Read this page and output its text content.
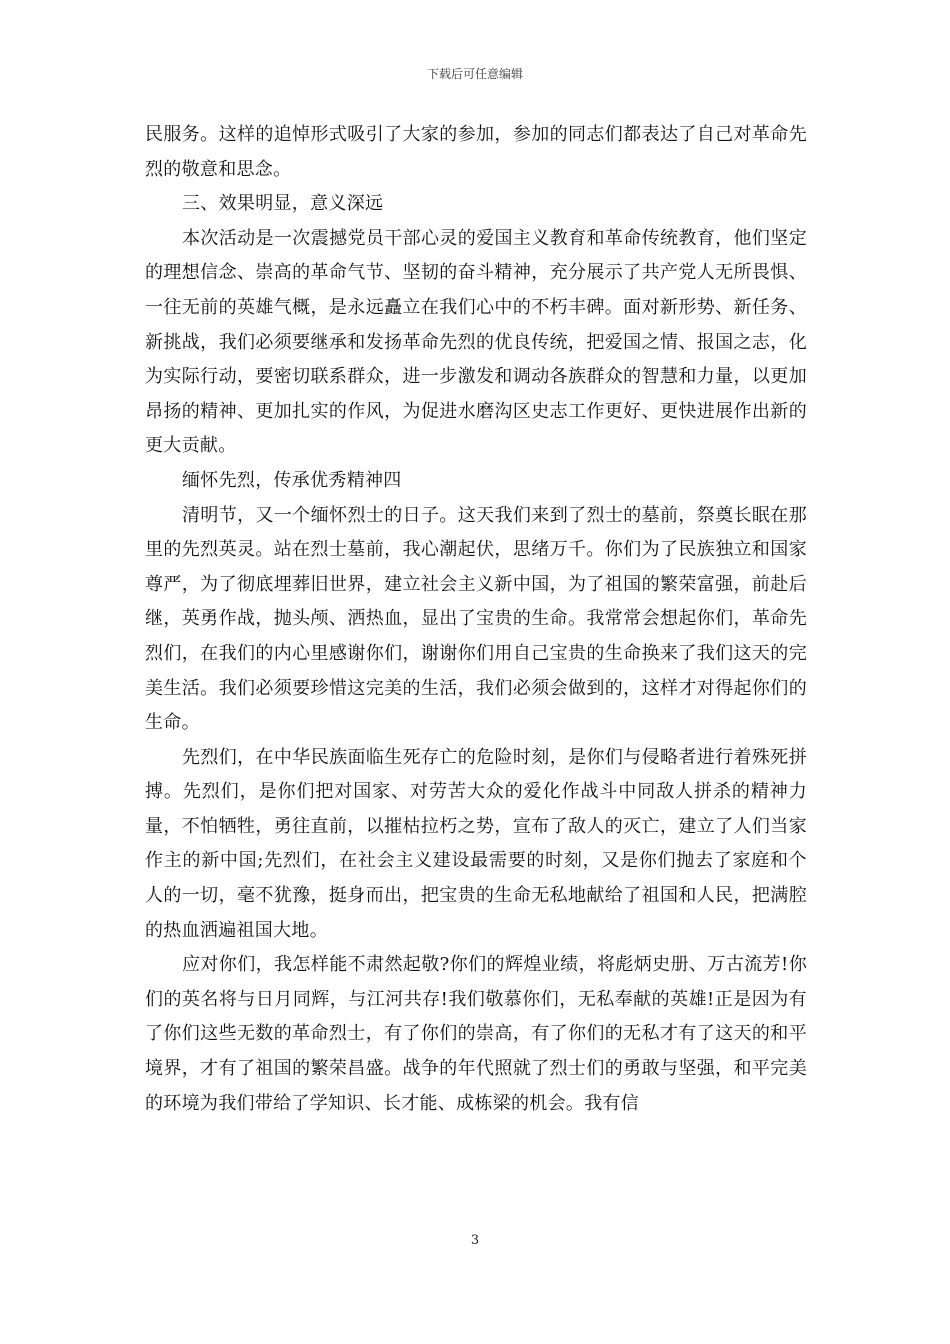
下载后可任意编辑

民服务。这样的追悼形式吸引了大家的参加，参加的同志们都表达了自己对革命先烈的敬意和思念。

三、效果明显，意义深远

本次活动是一次震撼党员干部心灵的爱国主义教育和革命传统教育，他们坚定的理想信念、崇高的革命气节、坚韧的奋斗精神，充分展示了共产党人无所畏惧、一往无前的英雄气概，是永远矗立在我们心中的不朽丰碑。面对新形势、新任务、新挑战，我们必须要继承和发扬革命先烈的优良传统，把爱国之情、报国之志，化为实际行动，要密切联系群众，进一步激发和调动各族群众的智慧和力量，以更加昂扬的精神、更加扎实的作风，为促进水磨沟区史志工作更好、更快进展作出新的更大贡献。

缅怀先烈，传承优秀精神四

清明节，又一个缅怀烈士的日子。这天我们来到了烈士的墓前，祭奠长眠在那里的先烈英灵。站在烈士墓前，我心潮起伏，思绪万千。你们为了民族独立和国家尊严，为了彻底埋葬旧世界，建立社会主义新中国，为了祖国的繁荣富强，前赴后继，英勇作战，抛头颅、洒热血，显出了宝贵的生命。我常常会想起你们，革命先烈们，在我们的内心里感谢你们，谢谢你们用自己宝贵的生命换来了我们这天的完美生活。我们必须要珍惜这完美的生活，我们必须会做到的，这样才对得起你们的生命。

先烈们，在中华民族面临生死存亡的危险时刻，是你们与侵略者进行着殊死拼搏。先烈们，是你们把对国家、对劳苦大众的爱化作战斗中同敌人拼杀的精神力量，不怕牺牲，勇往直前，以摧枯拉朽之势，宣布了敌人的灭亡，建立了人们当家作主的新中国;先烈们，在社会主义建设最需要的时刻，又是你们抛去了家庭和个人的一切，毫不犹豫，挺身而出，把宝贵的生命无私地献给了祖国和人民，把满腔的热血洒遍祖国大地。

应对你们，我怎样能不肃然起敬?你们的辉煌业绩，将彪炳史册、万古流芳!你们的英名将与日月同辉，与江河共存!我们敬慕你们，无私奉献的英雄!正是因为有了你们这些无数的革命烈士，有了你们的崇高，有了你们的无私才有了这天的和平境界，才有了祖国的繁荣昌盛。战争的年代照就了烈士们的勇敢与坚强，和平完美的环境为我们带给了学知识、长才能、成栋梁的机会。我有信

3
